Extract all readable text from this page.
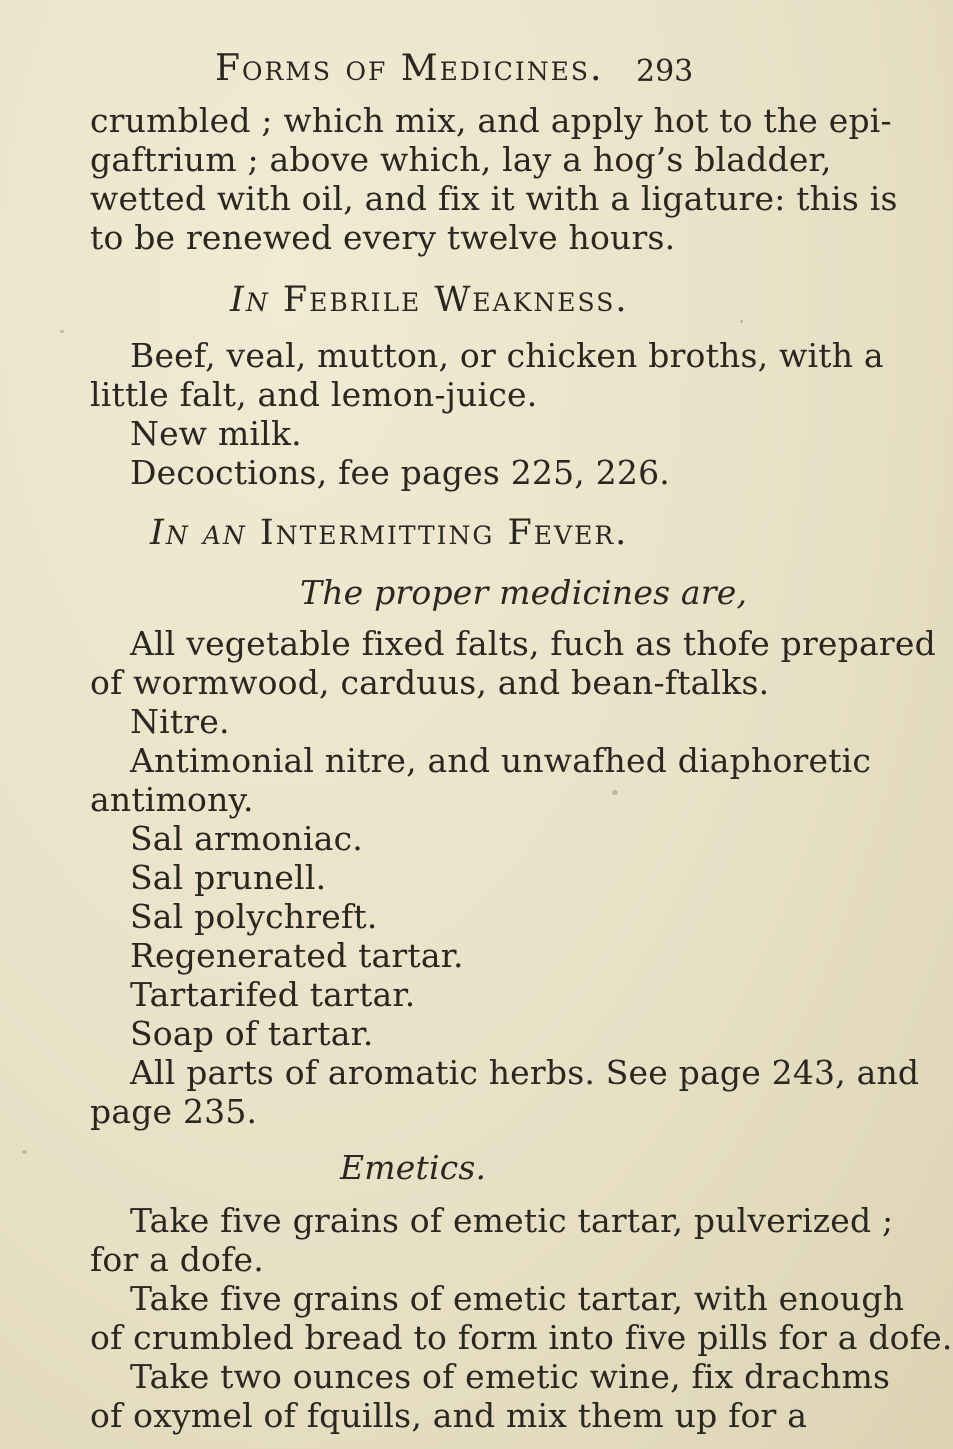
Forms of Medicines. 293
crumbled ; which mix, and apply hot to the epi-
gaftrium ; above which, lay a hog’s bladder,
wetted with oil, and fix it with a ligature: this is
to be renewed every twelve hours.
In Febrile Weakness.
Beef, veal, mutton, or chicken broths, with a
little falt, and lemon-juice.
New milk.
Decoctions, fee pages 225, 226.
In an Intermitting Fever.
The proper medicines are,
All vegetable fixed falts, fuch as thofe prepared
of wormwood, carduus, and bean-ftalks.
Nitre.
Antimonial nitre, and unwafhed diaphoretic
antimony.
Sal armoniac.
Sal prunell.
Sal polychreft.
Regenerated tartar.
Tartarifed tartar.
Soap of tartar.
All parts of aromatic herbs. See page 243, and
page 235.
Emetics.
Take five grains of emetic tartar, pulverized ;
for a dofe.
Take five grains of emetic tartar, with enough
of crumbled bread to form into five pills for a dofe.
Take two ounces of emetic wine, fix drachms
of oxymel of fquills, and mix them up for a
